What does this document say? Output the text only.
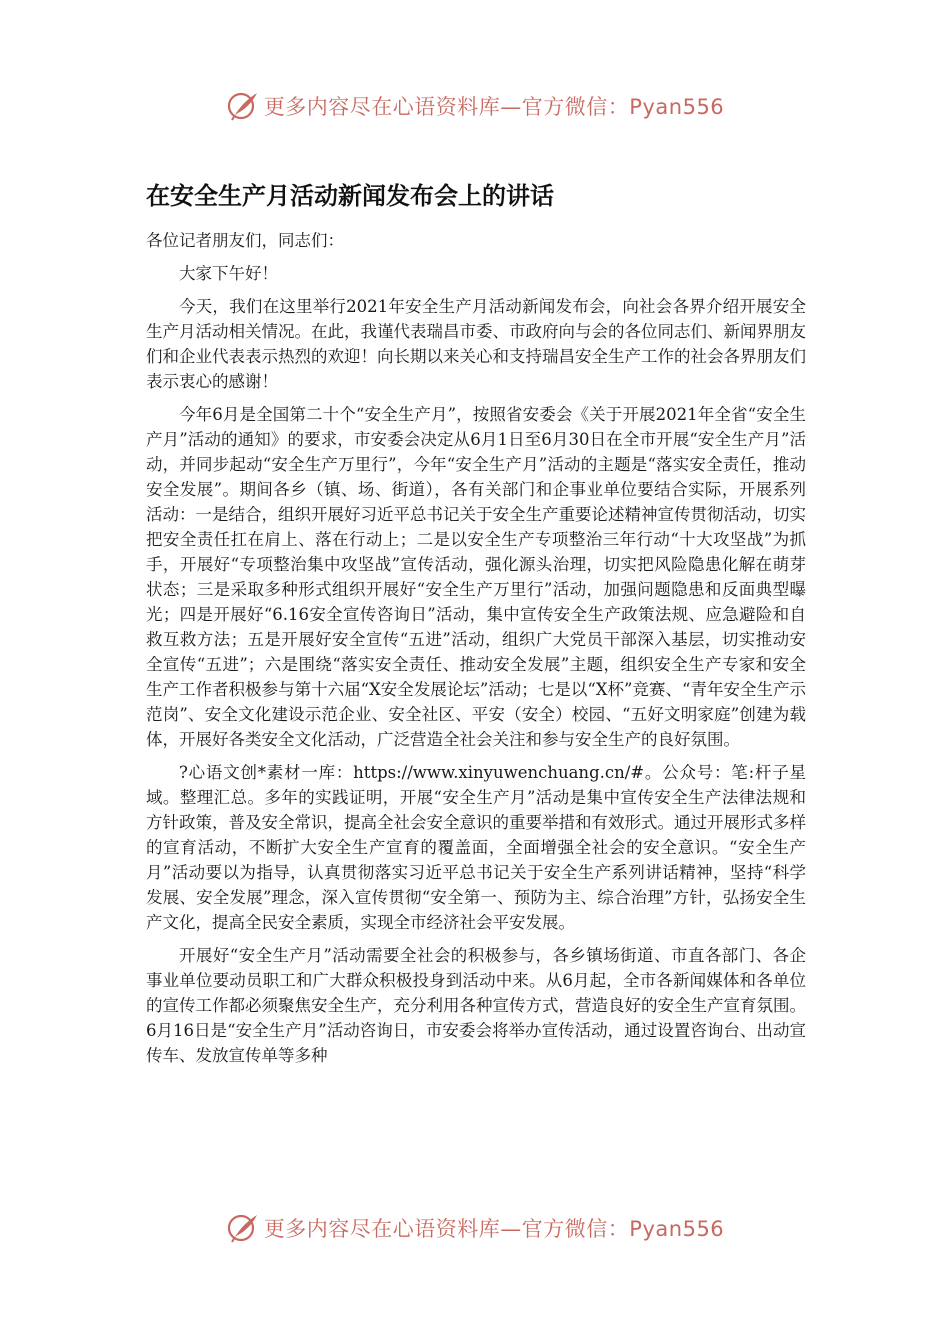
更多内容尽在心语资料库—官方微信：Pyan556
在安全生产月活动新闻发布会上的讲话

各位记者朋友们，同志们：

大家下午好！

今天，我们在这里举行2021年安全生产月活动新闻发布会，向社会各界介绍开展安全生产月活动相关情况。在此，我谨代表瑞昌市委、市政府向与会的各位同志们、新闻界朋友们和企业代表表示热烈的欢迎！向长期以来关心和支持瑞昌安全生产工作的社会各界朋友们表示衷心的感谢！

今年6月是全国第二十个“安全生产月”，按照省安委会《关于开展2021年全省“安全生产月”活动的通知》的要求，市安委会决定从6月1日至6月30日在全市开展“安全生产月”活动，并同步起动“安全生产万里行”，今年“安全生产月”活动的主题是“落实安全责任，推动安全发展”。期间各乡（镇、场、街道），各有关部门和企事业单位要结合实际，开展系列活动：一是结合，组织开展好习近平总书记关于安全生产重要论述精神宣传贯彻活动，切实把安全责任扛在肩上、落在行动上；二是以安全生产专项整治三年行动“十大攻坚战”为抓手，开展好“专项整治集中攻坚战”宣传活动，强化源头治理，切实把风险隐患化解在萌芽状态；三是采取多种形式组织开展好“安全生产万里行”活动，加强问题隐患和反面典型曝光；四是开展好“6.16安全宣传咨询日”活动，集中宣传安全生产政策法规、应急避险和自救互救方法；五是开展好安全宣传“五进”活动，组织广大党员干部深入基层，切实推动安全宣传“五进”；六是围绕“落实安全责任、推动安全发展”主题，组织安全生产专家和安全生产工作者积极参与第十六届“X安全发展论坛”活动；七是以“X杯”竞赛、“青年安全生产示范岗”、安全文化建设示范企业、安全社区、平安（安全）校园、“五好文明家庭”创建为载体，开展好各类安全文化活动，广泛营造全社会关注和参与安全生产的良好氛围。

?心语文创*素材一库：https://www.xinyuwenchuang.cn/#。公众号：笔:杆子星域。整理汇总。多年的实践证明，开展“安全生产月”活动是集中宣传安全生产法律法规和方针政策，普及安全常识，提高全社会安全意识的重要举措和有效形式。通过开展形式多样的宣育活动，不断扩大安全生产宣育的覆盖面，全面增强全社会的安全意识。“安全生产月”活动要以为指导，认真贯彻落实习近平总书记关于安全生产系列讲话精神，坚持“科学发展、安全发展”理念，深入宣传贯彻“安全第一、预防为主、综合治理”方针，弘扬安全生产文化，提高全民安全素质，实现全市经济社会平安发展。

开展好“安全生产月”活动需要全社会的积极参与，各乡镇场街道、市直各部门、各企事业单位要动员职工和广大群众积极投身到活动中来。从6月起，全市各新闻媒体和各单位的宣传工作都必须聚焦安全生产，充分利用各种宣传方式，营造良好的安全生产宣育氛围。6月16日是“安全生产月”活动咨询日，市安委会将举办宣传活动，通过设置咨询台、出动宣传车、发放宣传单等多种

更多内容尽在心语资料库—官方微信：Pyan556
